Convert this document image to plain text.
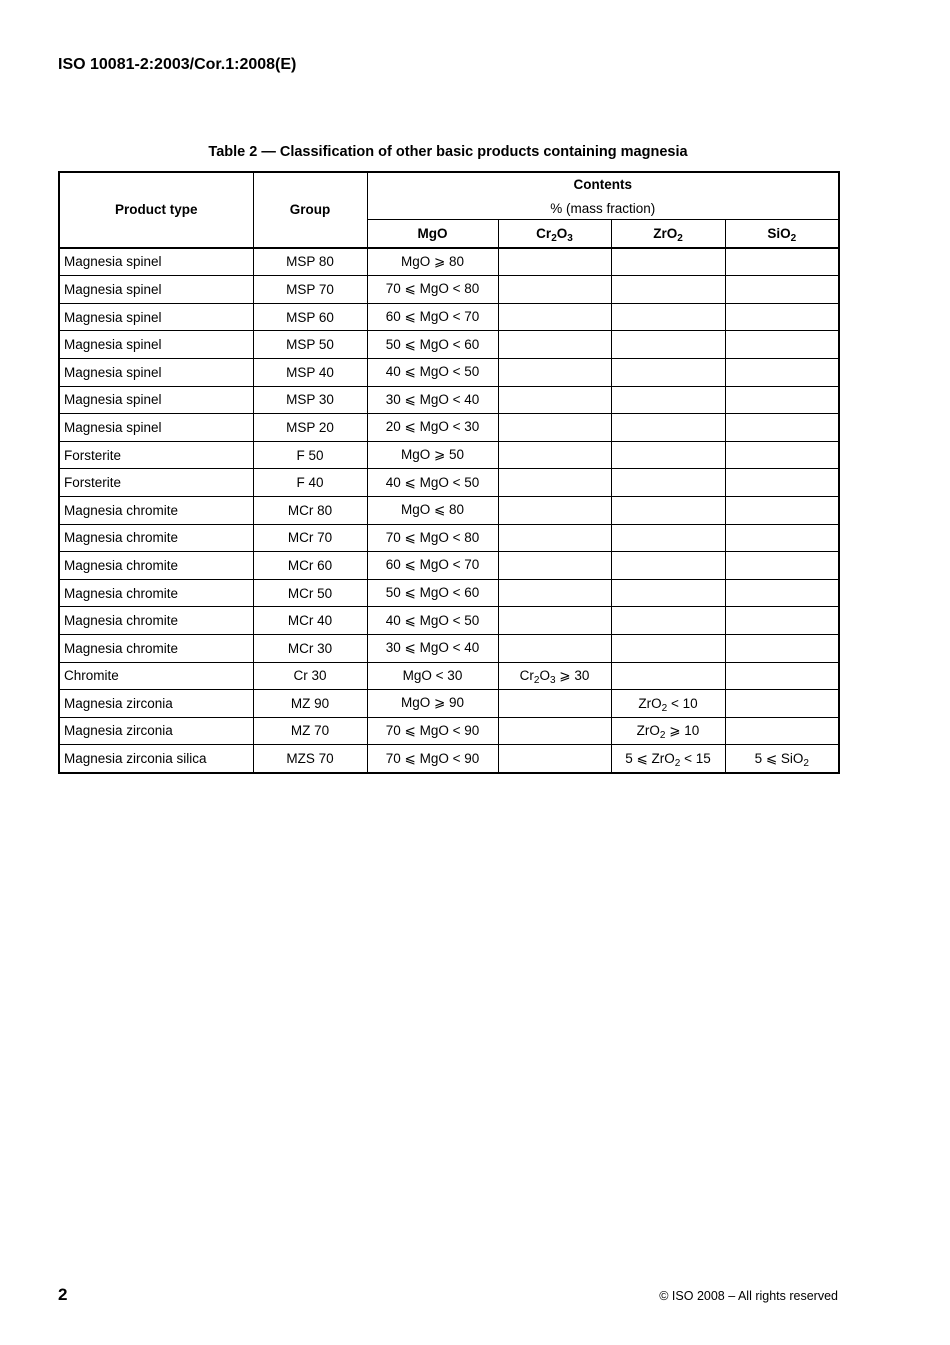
ISO 10081-2:2003/Cor.1:2008(E)
Table 2 — Classification of other basic products containing magnesia
Product type	Group	Contents
% (mass fraction)			

		MgO	$Cr_2O_3$	ZrO$_2$	SiO$_2$
Magnesia spinel	MSP 80	MgO ⩾ 80			
Magnesia spinel	MSP 70	70 ⩽ MgO < 80			
Magnesia spinel	MSP 60	60 ⩽ MgO < 70			
Magnesia spinel	MSP 50	50 ⩽ MgO < 60			
Magnesia spinel	MSP 40	40 ⩽ MgO < 50			
Magnesia spinel	MSP 30	30 ⩽ MgO < 40			
Magnesia spinel	MSP 20	20 ⩽ MgO < 30			
Forsterite	F 50	MgO ⩾ 50			
Forsterite	F 40	40 ⩽ MgO < 50			
Magnesia chromite	MCr 80	MgO ⩽ 80			
Magnesia chromite	MCr 70	70 ⩽ MgO < 80			
Magnesia chromite	MCr 60	60 ⩽ MgO < 70			
Magnesia chromite	MCr 50	50 ⩽ MgO < 60			
Magnesia chromite	MCr 40	40 ⩽ MgO < 50			
Magnesia chromite	MCr 30	30 ⩽ MgO < 40			
Chromite	Cr 30	MgO < 30	$Cr_2O_3$ ⩾ 30		
Magnesia zirconia	MZ 90	MgO ⩾ 90		ZrO$_2$ < 10	
Magnesia zirconia	MZ 70	70 ⩽ MgO < 90		ZrO$_2$ ⩾ 10	
Magnesia zirconia silica	MZS 70	70 ⩽ MgO < 90		5 ⩽ ZrO$_2$ < 15	5 ⩽ SiO$_2$
2	© ISO 2008 – All rights reserved
